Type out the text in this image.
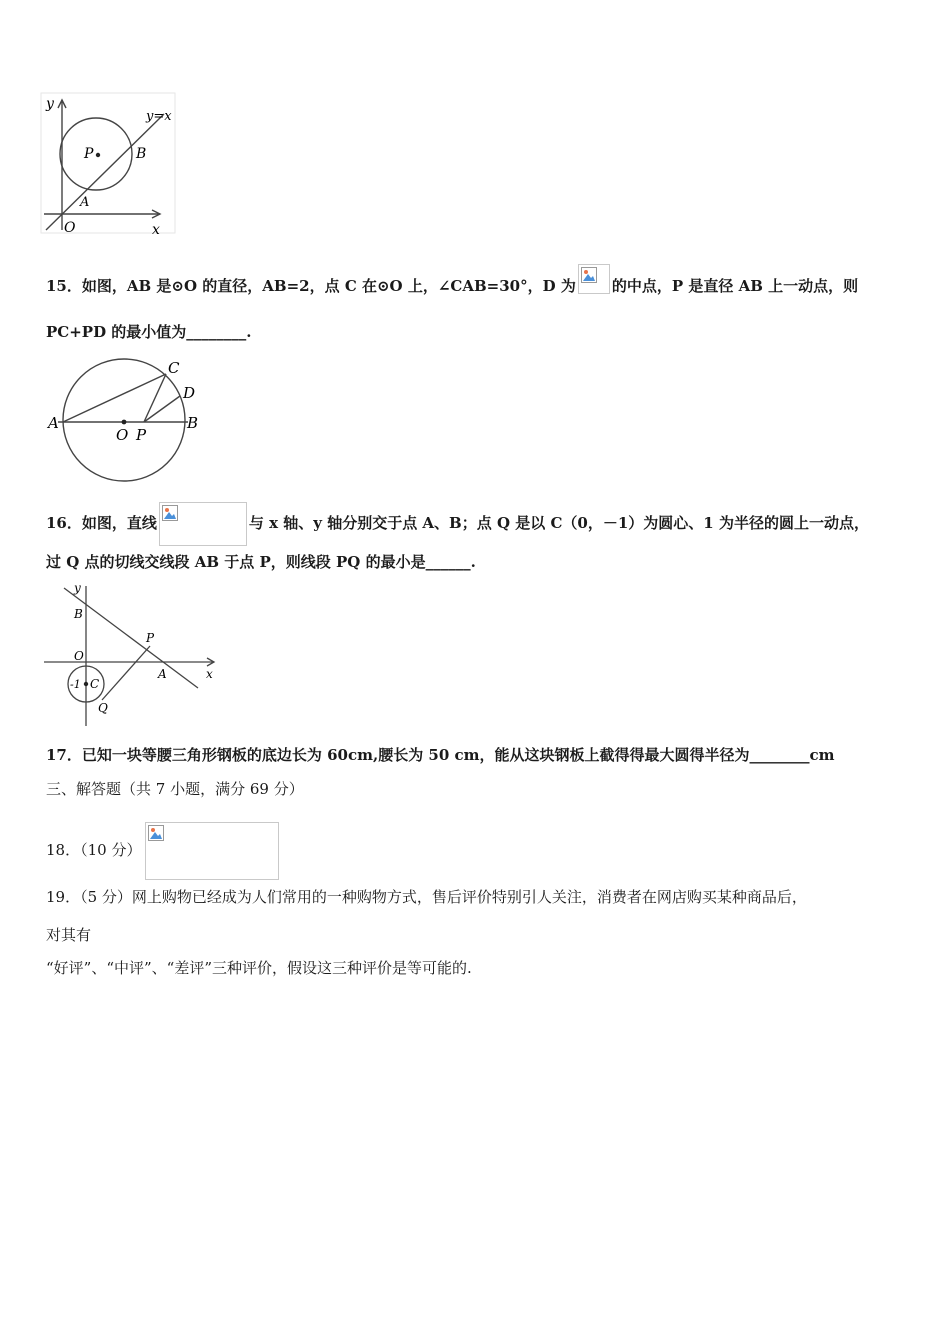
y
y=x
P	B
A
O	x
15．如图，AB 是⊙O 的直径，AB=2，点 C 在⊙O 上，∠CAB=30°，D 为 的中点，P 是直径 AB 上一动点，则
PC+PD 的最小值为________.
A	B
C
D
O P
16．如图，直线	与 x 轴、y 轴分别交于点 A、B；点 Q 是以 C（0，－1）为圆心、1 为半径的圆上一动点，
过 Q 点的切线交线段 AB 于点 P，则线段 PQ 的最小是______.
y
B
P
O
A	x
-1 C
Q
17．已知一块等腰三角形钢板的底边长为 60cm,腰长为 50 cm，能从这块钢板上截得得最大圆得半径为________cm
三、解答题（共 7 小题，满分 69 分）
18．（10 分）
19．（5 分）网上购物已经成为人们常用的一种购物方式，售后评价特别引人关注，消费者在网店购买某种商品后，
对其有
“好评”、“中评”、“差评”三种评价，假设这三种评价是等可能的.
